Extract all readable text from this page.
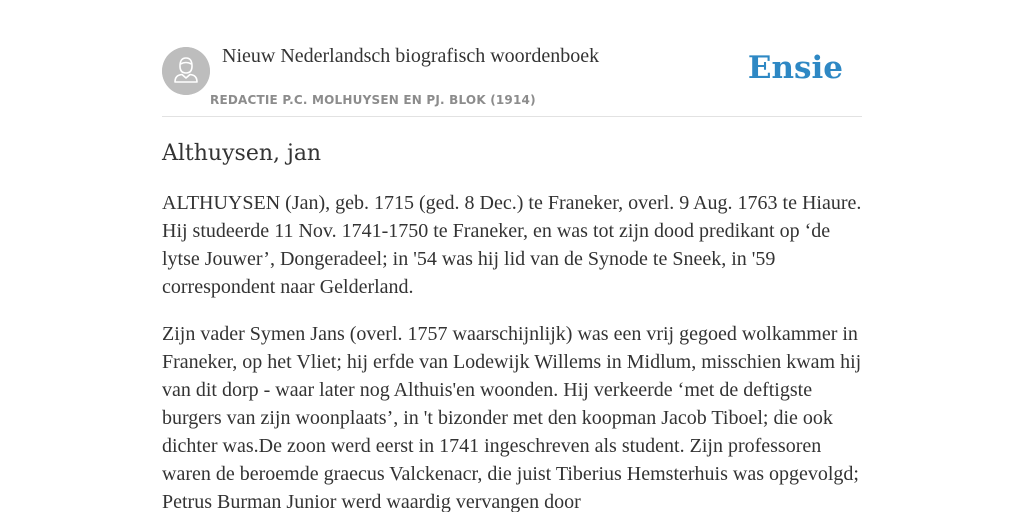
Nieuw Nederlandsch biografisch woordenboek
REDACTIE P.C. MOLHUYSEN EN PJ. BLOK (1914)
Ensie
Althuysen, jan

ALTHUYSEN (Jan), geb. 1715 (ged. 8 Dec.) te Franeker, overl. 9 Aug. 1763 te Hiaure. Hij studeerde 11 Nov. 1741-1750 te Franeker, en was tot zijn dood predikant op ‘de lytse Jouwer’, Dongeradeel; in '54 was hij lid van de Synode te Sneek, in '59 correspondent naar Gelderland.

Zijn vader Symen Jans (overl. 1757 waarschijnlijk) was een vrij gegoed wolkammer in Franeker, op het Vliet; hij erfde van Lodewijk Willems in Midlum, misschien kwam hij van dit dorp - waar later nog Althuis'en woonden. Hij verkeerde ‘met de deftigste burgers van zijn woonplaats’, in 't bizonder met den koopman Jacob Tiboel; die ook dichter was.De zoon werd eerst in 1741 ingeschreven als student. Zijn professoren waren de beroemde graecus Valckenacr, die juist Tiberius Hemsterhuis was opgevolgd; Petrus Burman Junior werd waardig vervangen door
